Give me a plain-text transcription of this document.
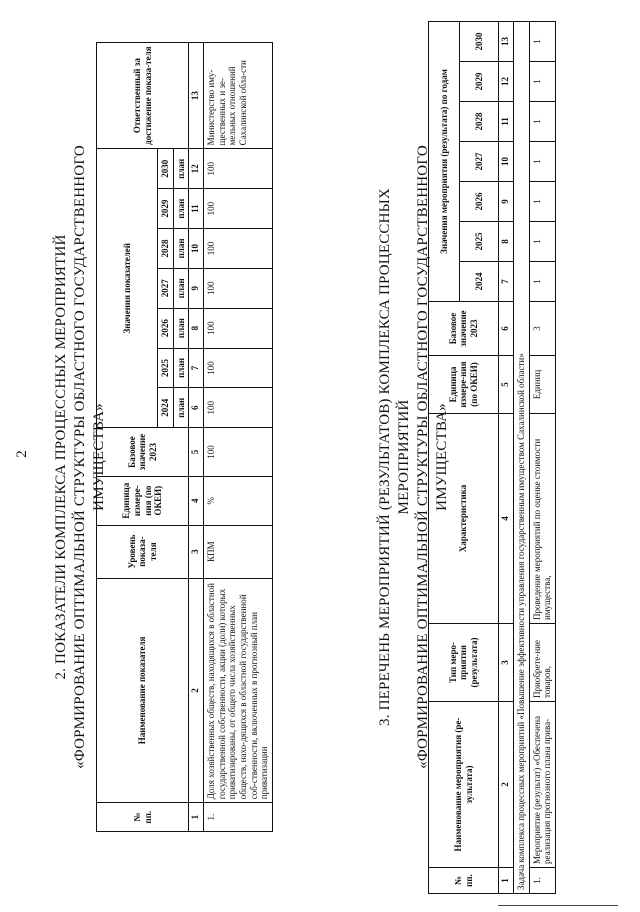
2 2. ПОКАЗАТЕЛИ КОМПЛЕКСА ПРОЦЕССНЫХ МЕРОПРИЯТИЙ «ФОРМИРОВАНИЕ ОПТИМАЛЬНОЙ СТРУКТУРЫ ОБЛАСТНОГО ГОСУДАРСТВЕННОГО ИМУЩЕСТВА»
№ пп.	Наименование показателя	Уровень показа-теля	Единица измере-ния (по ОКЕИ)	Базовое значение 2023	Значения показателей							Ответственный за достижение показа-теля
					2024	2025	2026	2027	2028	2029	2030	
					план	план	план	план	план	план	план	
1	2	3	4	5	6	7	8	9	10	11	12	13
1.	Доля хозяйственных обществ, находящихся в областной государственной собственности, акции (доли) которых приватизированы, от общего числа хозяйственных обществ, нахо-дящихся в областной государственной соб-ственности, включенных в прогнозный план приватизации	КПМ	%	100	100	100	100	100	100	100	100	Министерство иму-щественных и зе-мельных отношений Сахалинской обла-сти
3. ПЕРЕЧЕНЬ МЕРОПРИЯТИЙ (РЕЗУЛЬТАТОВ) КОМПЛЕКСА ПРОЦЕССНЫХ МЕРОПРИЯТИЙ «ФОРМИРОВАНИЕ ОПТИМАЛЬНОЙ СТРУКТУРЫ ОБЛАСТНОГО ГОСУДАРСТВЕННОГО ИМУЩЕСТВА»
№ пп.	Наименование мероприятия (ре-зультата)	Тип меро-приятия (результата)	Характеристика	Единица измере-ния (по ОКЕИ)	Базовое значение 2023	Значения мероприятия (результата) по годам						
						2024	2025	2026	2027	2028	2029	2030
1	2	3	4	5	6	7	8	9	10	11	12	13
Задача комплекса процессных мероприятий «Повышение эффективности управления государственным имуществом Сахалинской области»												
1.	Мероприятие (результат) «Обеспечена реализация прогнозного плана прива-	Приобрете-ние товаров,	Проведение мероприятий по оценке стоимости имущества,	Единиц	3	1	1	1	1	1	1	1
